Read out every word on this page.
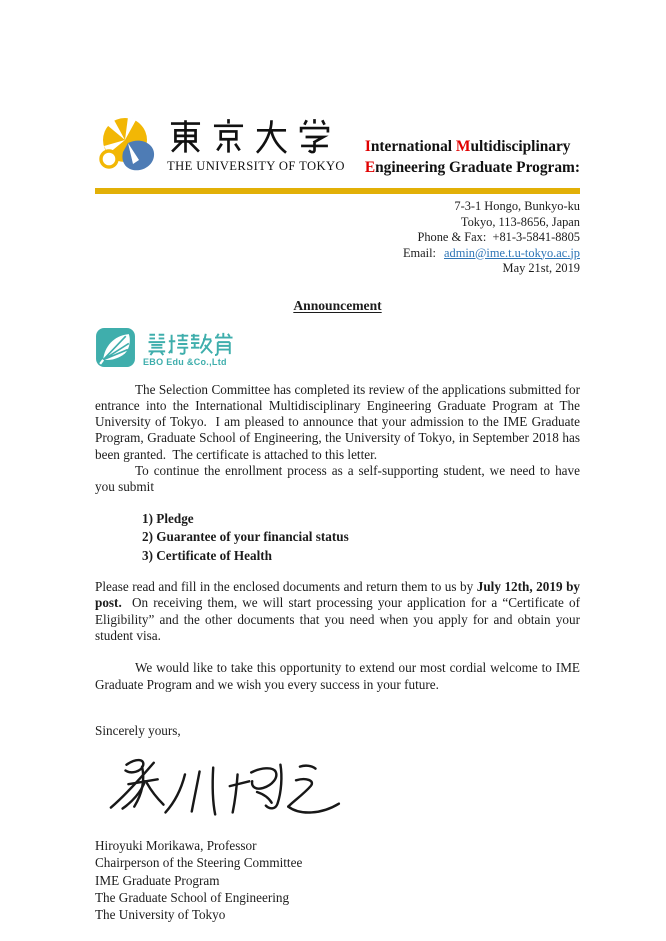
THE UNIVERSITY OF TOKYO
International Multidisciplinary
Engineering Graduate Program:
7-3-1 Hongo, Bunkyo-ku
Tokyo, 113-8656, Japan
Phone & Fax:  +81-3-5841-8805
Email: admin@ime.t.u-tokyo.ac.jp
May 21st, 2019
Announcement
EBO Edu &Co.,Ltd

The Selection Committee has completed its review of the applications submitted for entrance into the International Multidisciplinary Engineering Graduate Program at The University of Tokyo.  I am pleased to announce that your admission to the IME Graduate Program, Graduate School of Engineering, the University of Tokyo, in September 2018 has been granted.  The certificate is attached to this letter.

To continue the enrollment process as a self-supporting student, we need to have you submit

1) Pledge
2) Guarantee of your financial status
3) Certificate of Health

Please read and fill in the enclosed documents and return them to us by July 12th, 2019 by post.  On receiving them, we will start processing your application for a “Certificate of Eligibility” and the other documents that you need when you apply for and obtain your student visa.

We would like to take this opportunity to extend our most cordial welcome to IME Graduate Program and we wish you every success in your future.

Sincerely yours,

Hiroyuki Morikawa, Professor
Chairperson of the Steering Committee
IME Graduate Program
The Graduate School of Engineering
The University of Tokyo
